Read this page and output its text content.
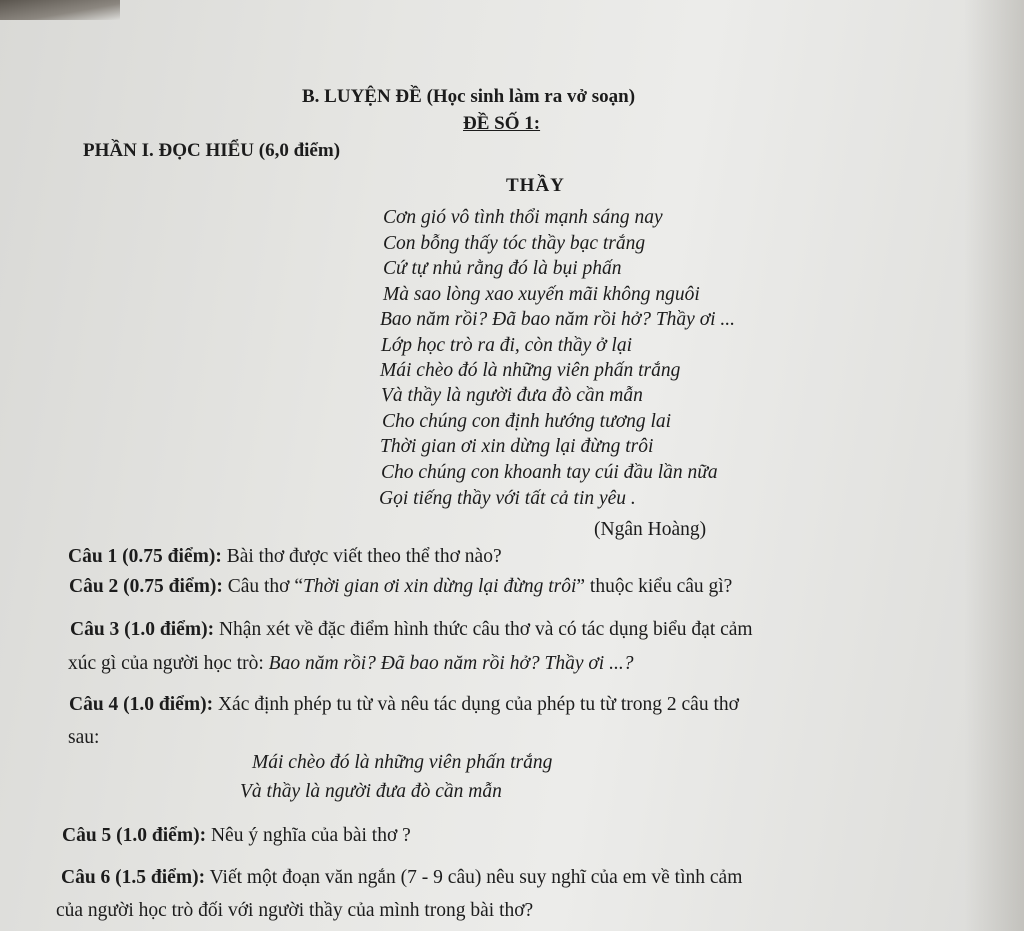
B. LUYỆN ĐỀ (Học sinh làm ra vở soạn)
ĐỀ SỐ 1:
PHẦN I. ĐỌC HIỂU (6,0 điểm)
THẦY
Cơn gió vô tình thổi mạnh sáng nay
Con bỗng thấy tóc thầy bạc trắng
Cứ tự nhủ rằng đó là bụi phấn
Mà sao lòng xao xuyến mãi không nguôi
Bao năm rồi? Đã bao năm rồi hở? Thầy ơi ...
Lớp học trò ra đi, còn thầy ở lại
Mái chèo đó là những viên phấn trắng
Và thầy là người đưa đò cần mẫn
Cho chúng con định hướng tương lai
Thời gian ơi xin dừng lại đừng trôi
Cho chúng con khoanh tay cúi đầu lần nữa
Gọi tiếng thầy với tất cả tin yêu .
(Ngân Hoàng)
Câu 1 (0.75 điểm): Bài thơ được viết theo thể thơ nào?
Câu 2 (0.75 điểm): Câu thơ “Thời gian ơi xin dừng lại đừng trôi” thuộc kiểu câu gì?
Câu 3 (1.0 điểm): Nhận xét về đặc điểm hình thức câu thơ và có tác dụng biểu đạt cảm
xúc gì của người học trò: Bao năm rồi? Đã bao năm rồi hở? Thầy ơi ...?
Câu 4 (1.0 điểm): Xác định phép tu từ và nêu tác dụng của phép tu từ trong 2 câu thơ
sau:
Mái chèo đó là những viên phấn trắng
Và thầy là người đưa đò cần mẫn
Câu 5 (1.0 điểm): Nêu ý nghĩa của bài thơ ?
Câu 6 (1.5 điểm): Viết một đoạn văn ngắn (7 - 9 câu) nêu suy nghĩ của em về tình cảm
của người học trò đối với người thầy của mình trong bài thơ?
